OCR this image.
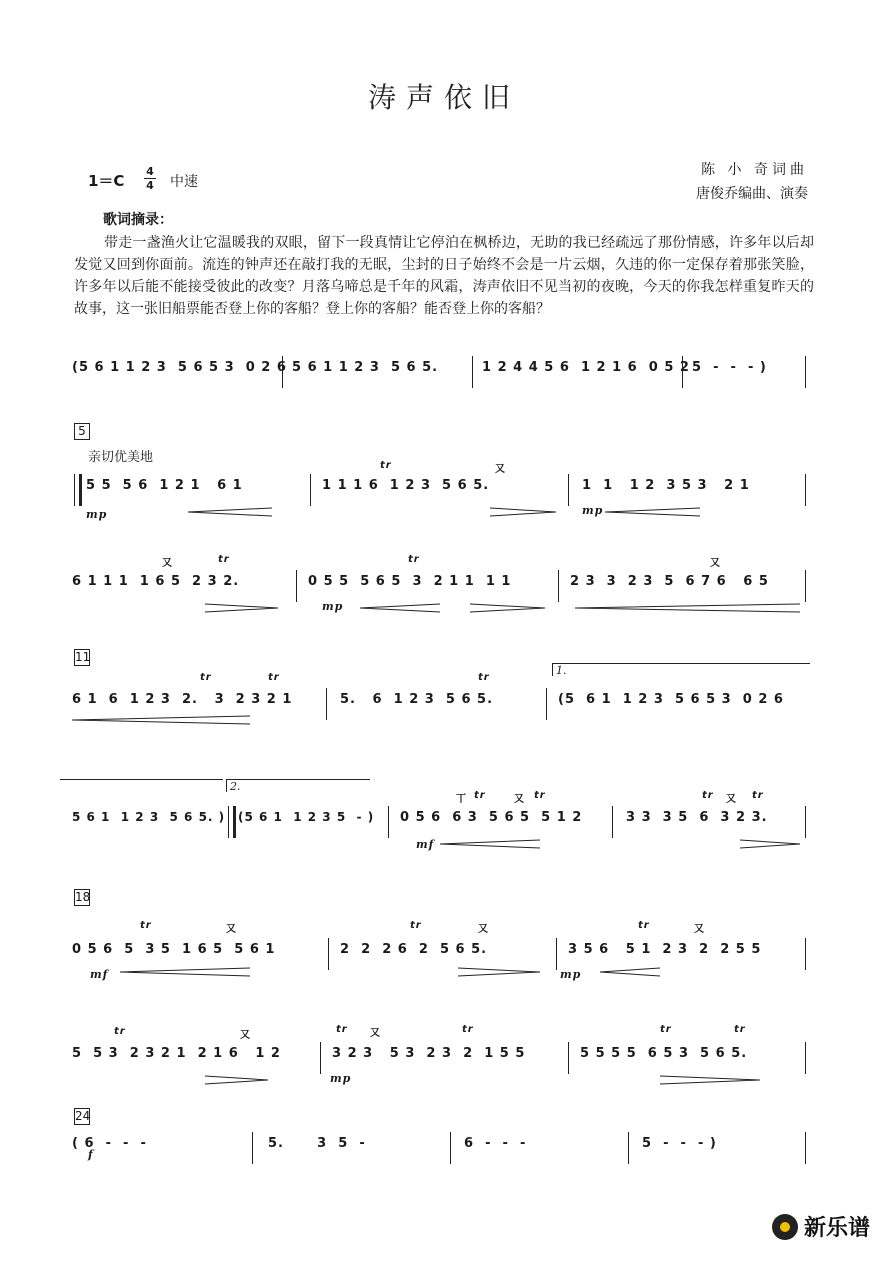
涛声依旧
1＝C
4
4 中速
陈 小 奇词曲
唐俊乔编曲、演奏
歌词摘录：
带走一盏渔火让它温暖我的双眼，留下一段真情让它停泊在枫桥边，无助的我已经疏远了那份情感，许多年以后却发觉又回到你面前。流连的钟声还在敲打我的无眠，尘封的日子始终不会是一片云烟，久违的你一定保存着那张笑脸，许多年以后能不能接受彼此的改变？月落乌啼总是千年的风霜，涛声依旧不见当初的夜晚，今天的你我怎样重复昨天的故事，这一张旧船票能否登上你的客船？登上你的客船？能否登上你的客船？

(5 6 1 1 2 3  5 6 5 3  0 2 6

5 6 1 1 2 3  5 6 5.

	1 2 4 4 5 6  1 2 1 6  0 5 2

5  -  -  - )

5
亲切优美地

5 5  5 6  1 2 1   6 1

	1 1 1 6  1 2 3  5 6 5.

	1  1   1 2  3 5 3   2 1

mp

	mp

tr

	又

6 1 1 1  1 6 5  2 3 2.

	0 5 5  5 6 5  3  2 1 1  1 1

	2 3  3  2 3  5  6 7 6   6 5

mp

又

	tr

	tr

	又

11

6 1  6  1 2 3  2.   3  2 3 2 1

	5.   6  1 2 3  5 6 5.

	(5  6 1  1 2 3  5 6 5 3  0 2 6

tr

	tr

	tr

1.
2.

5 6 1  1 2 3  5 6 5. )

(5 6 1  1 2 3 5  - )

0 5 6  6 3  5 6 5  5 1 2

	3 3  3 5  6  3 2 3.

mf

丅

tr

	又

tr

	tr

又

tr

18

0 5 6  5  3 5  1 6 5  5 6 1

	2  2  2 6  2  5 6 5.

	3 5 6   5 1  2 3  2  2 5 5

mf

	mp

tr

	又

	tr

	又

	tr

	又

5  5 3  2 3 2 1  2 1 6   1 2

	3 2 3   5 3  2 3  2  1 5 5

	5 5 5 5  6 5 3  5 6 5.

mp

tr

	又

tr

又

	tr

	tr

	tr

24

( 6  -  -  -

	5.      3  5  -

	6  -  -  -

	5  -  -  - )

f

新乐谱
